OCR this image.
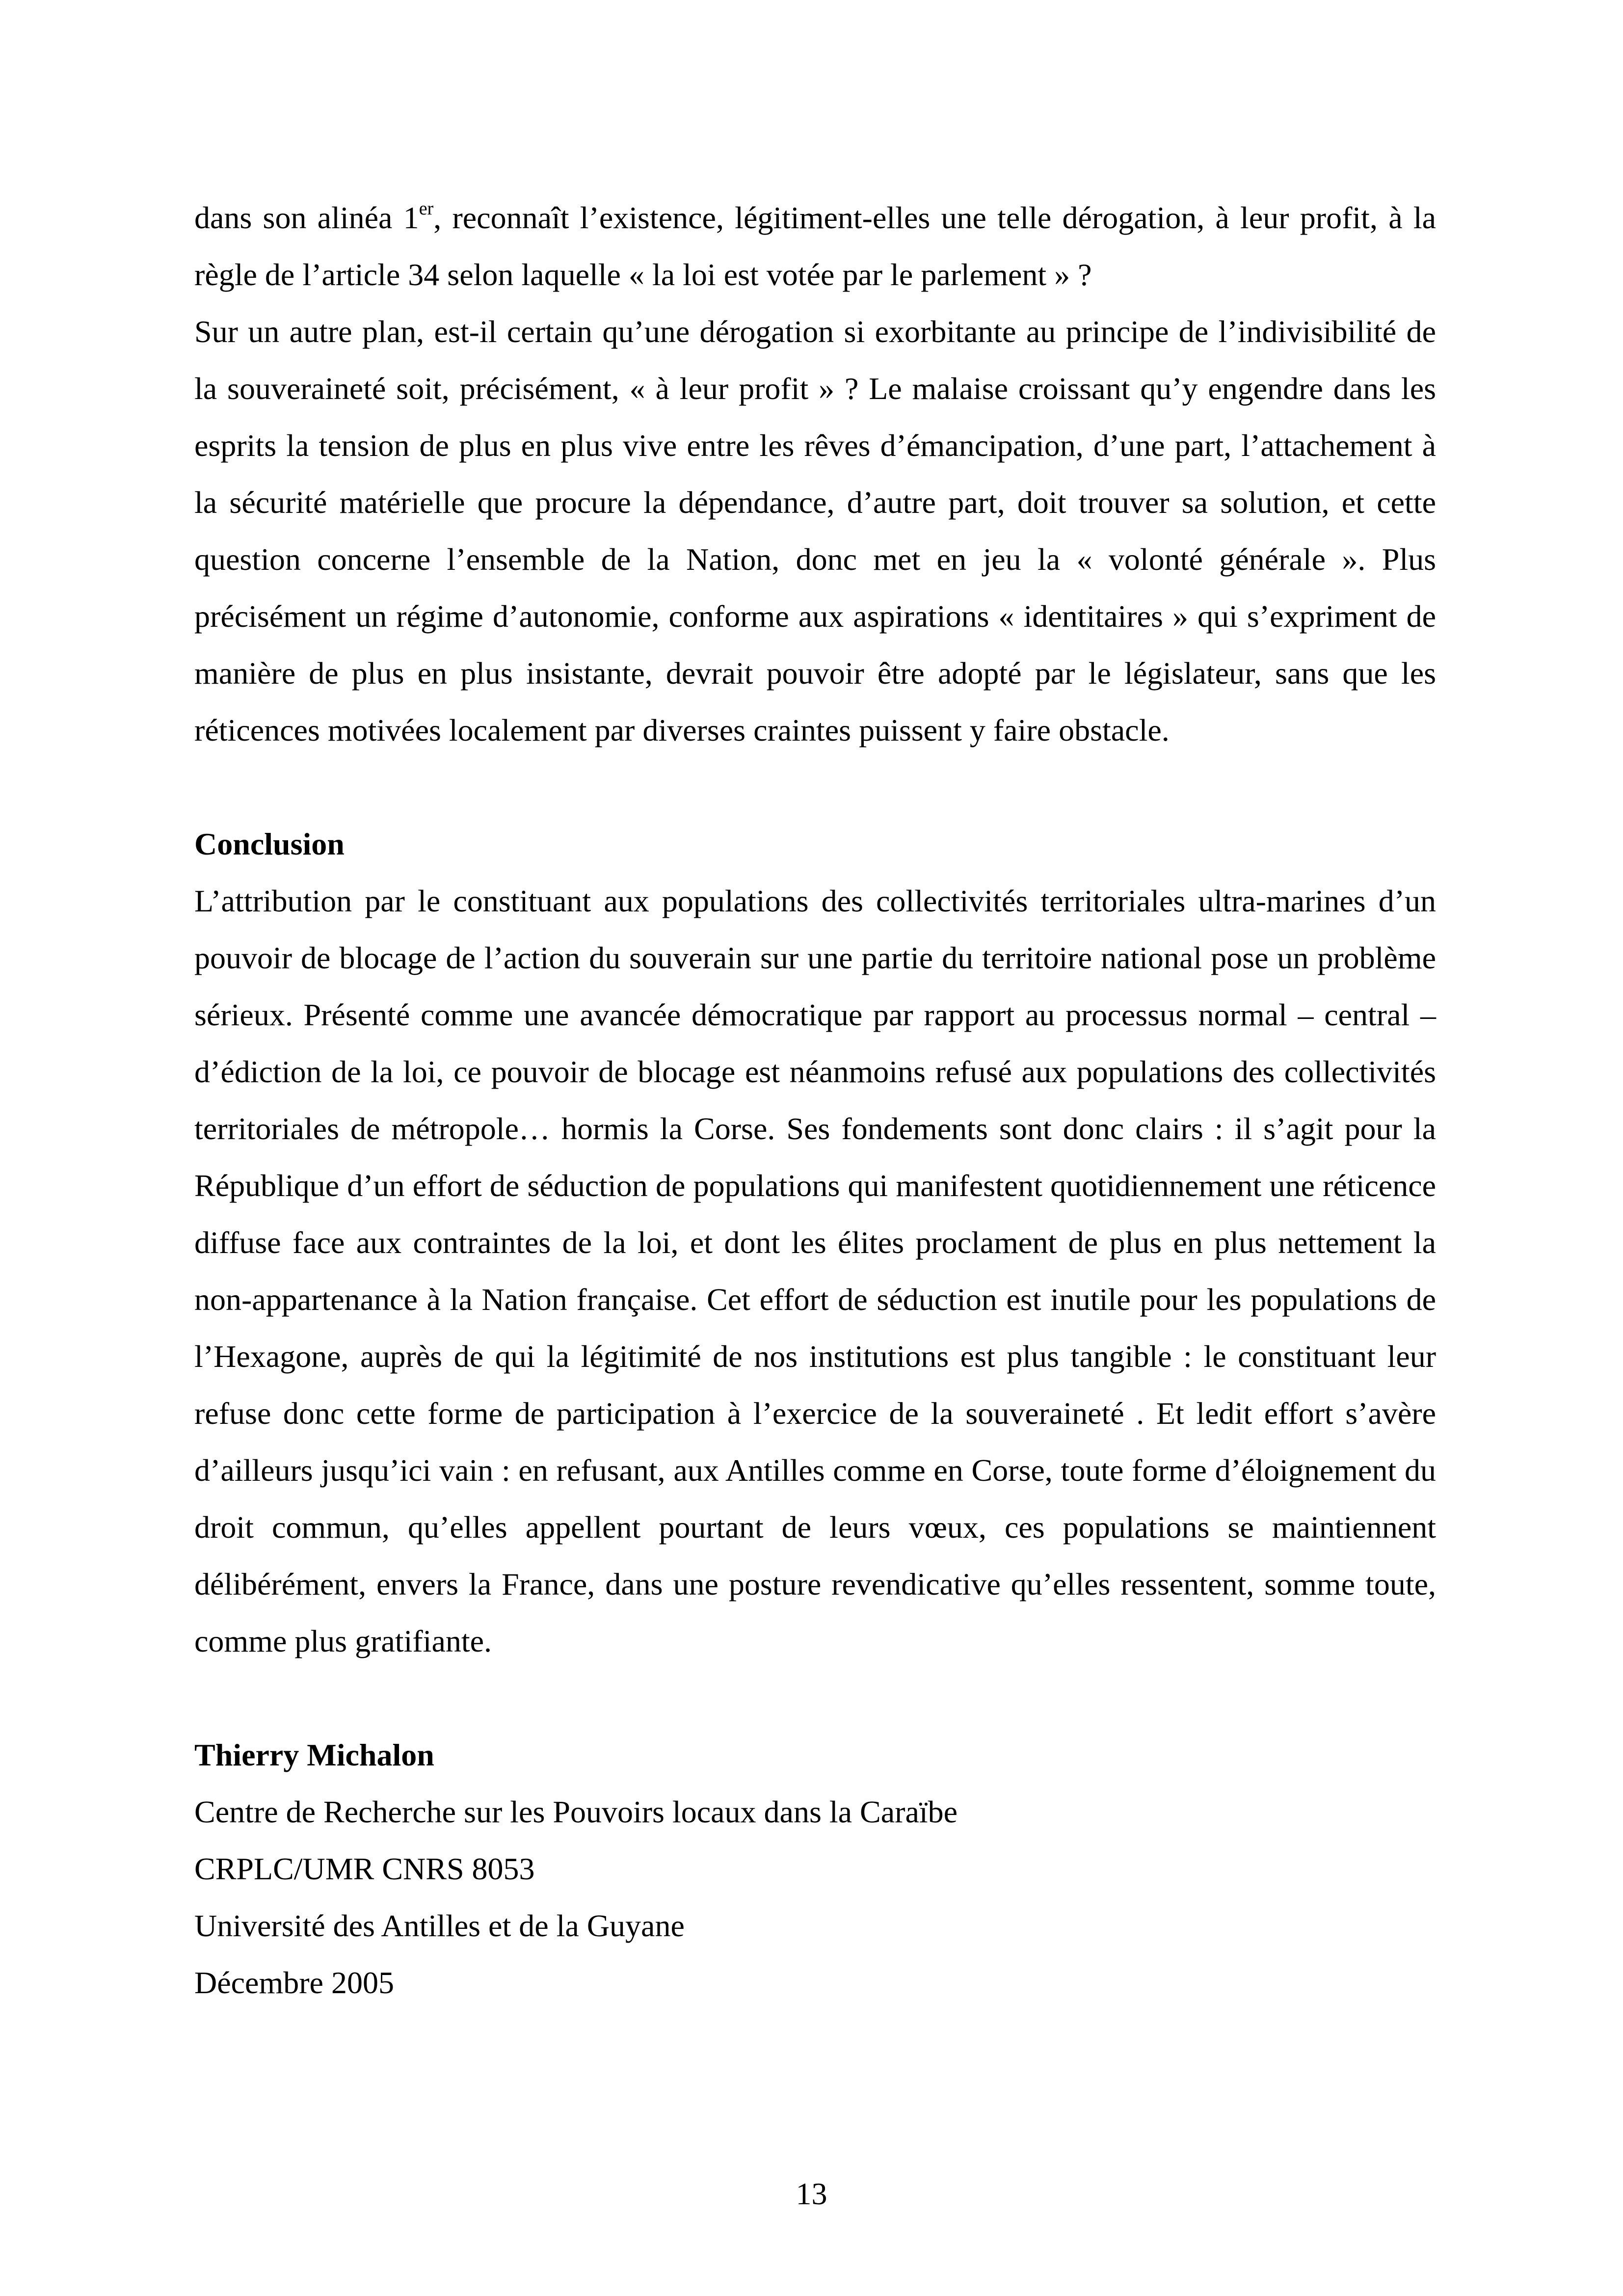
dans son alinéa 1er, reconnaît l’existence, légitiment-elles une telle dérogation, à leur profit, à la règle de l’article 34 selon laquelle « la loi est votée par le parlement » ?

Sur un autre plan, est-il certain qu’une dérogation si exorbitante au principe de l’indivisibilité de la souveraineté soit, précisément, « à leur profit » ? Le malaise croissant qu’y engendre dans les esprits la tension de plus en plus vive entre les rêves d’émancipation, d’une part, l’attachement à la sécurité matérielle que procure la dépendance, d’autre part, doit trouver sa solution, et cette question concerne l’ensemble de la Nation, donc met en jeu la « volonté générale ». Plus précisément un régime d’autonomie, conforme aux aspirations « identitaires » qui s’expriment de manière de plus en plus insistante, devrait pouvoir être adopté par le législateur, sans que les réticences motivées localement par diverses craintes puissent y faire obstacle.

Conclusion

L’attribution par le constituant aux populations des collectivités territoriales ultra-marines d’un pouvoir de blocage de l’action du souverain sur une partie du territoire national pose un problème sérieux. Présenté comme une avancée démocratique par rapport au processus normal – central – d’édiction de la loi, ce pouvoir de blocage est néanmoins refusé aux populations des collectivités territoriales de métropole… hormis la Corse. Ses fondements sont donc clairs : il s’agit pour la République d’un effort de séduction de populations qui manifestent quotidiennement une réticence diffuse face aux contraintes de la loi, et dont les élites proclament de plus en plus nettement la non-appartenance à la Nation française. Cet effort de séduction est inutile pour les populations de l’Hexagone, auprès de qui la légitimité de nos institutions est plus tangible : le constituant leur refuse donc cette forme de participation à l’exercice de la souveraineté . Et ledit effort s’avère d’ailleurs jusqu’ici vain : en refusant, aux Antilles comme en Corse, toute forme d’éloignement du droit commun, qu’elles appellent pourtant de leurs vœux, ces populations se maintiennent délibérément, envers la France, dans une posture revendicative qu’elles ressentent, somme toute, comme plus gratifiante.

Thierry Michalon

Centre de Recherche sur les Pouvoirs locaux dans la Caraïbe

CRPLC/UMR CNRS 8053

Université des Antilles et de la Guyane

Décembre 2005

13
